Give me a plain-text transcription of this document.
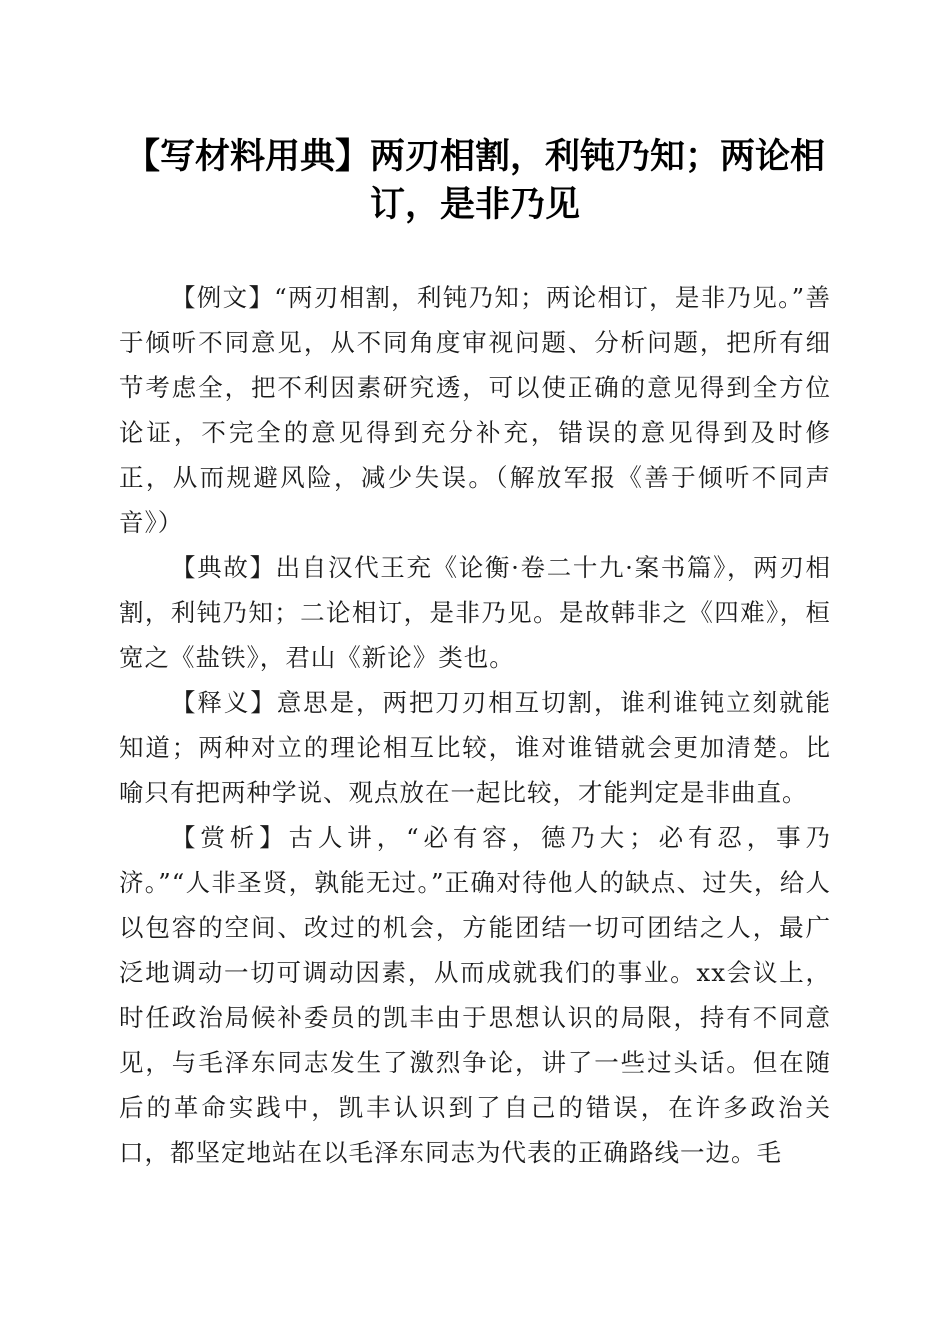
【写材料用典】两刃相割，利钝乃知；两论相订，是非乃见

【例文】“两刃相割，利钝乃知；两论相订，是非乃见。”善于倾听不同意见，从不同角度审视问题、分析问题，把所有细节考虑全，把不利因素研究透，可以使正确的意见得到全方位论证，不完全的意见得到充分补充，错误的意见得到及时修正，从而规避风险，减少失误。（解放军报《善于倾听不同声音》）

【典故】出自汉代王充《论衡·卷二十九·案书篇》，两刃相割，利钝乃知；二论相订，是非乃见。是故韩非之《四难》，桓宽之《盐铁》，君山《新论》类也。

【释义】意思是，两把刀刃相互切割，谁利谁钝立刻就能知道；两种对立的理论相互比较，谁对谁错就会更加清楚。比喻只有把两种学说、观点放在一起比较，才能判定是非曲直。

【赏析】古人讲，“必有容，德乃大；必有忍，事乃济。”“人非圣贤，孰能无过。”正确对待他人的缺点、过失，给人以包容的空间、改过的机会，方能团结一切可团结之人，最广泛地调动一切可调动因素，从而成就我们的事业。xx会议上，时任政治局候补委员的凯丰由于思想认识的局限，持有不同意见，与毛泽东同志发生了激烈争论，讲了一些过头话。但在随后的革命实践中，凯丰认识到了自己的错误，在许多政治关口，都坚定地站在以毛泽东同志为代表的正确路线一边。毛
